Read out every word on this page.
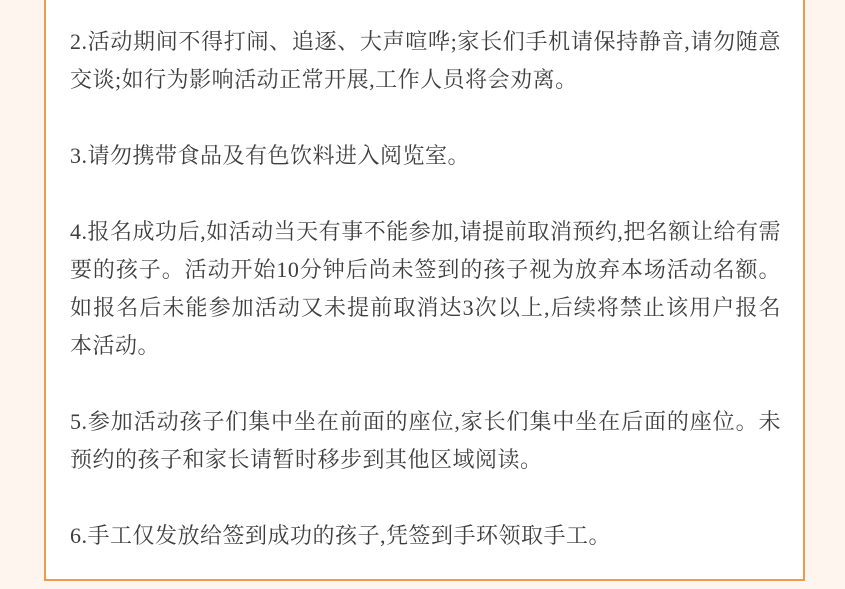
2.活动期间不得打闹、追逐、大声喧哗;家长们手机请保持静音,请勿随意交谈;如行为影响活动正常开展,工作人员将会劝离。

3.请勿携带食品及有色饮料进入阅览室。

4.报名成功后,如活动当天有事不能参加,请提前取消预约,把名额让给有需要的孩子。活动开始10分钟后尚未签到的孩子视为放弃本场活动名额。如报名后未能参加活动又未提前取消达3次以上,后续将禁止该用户报名本活动。

5.参加活动孩子们集中坐在前面的座位,家长们集中坐在后面的座位。未预约的孩子和家长请暂时移步到其他区域阅读。

6.手工仅发放给签到成功的孩子,凭签到手环领取手工。
